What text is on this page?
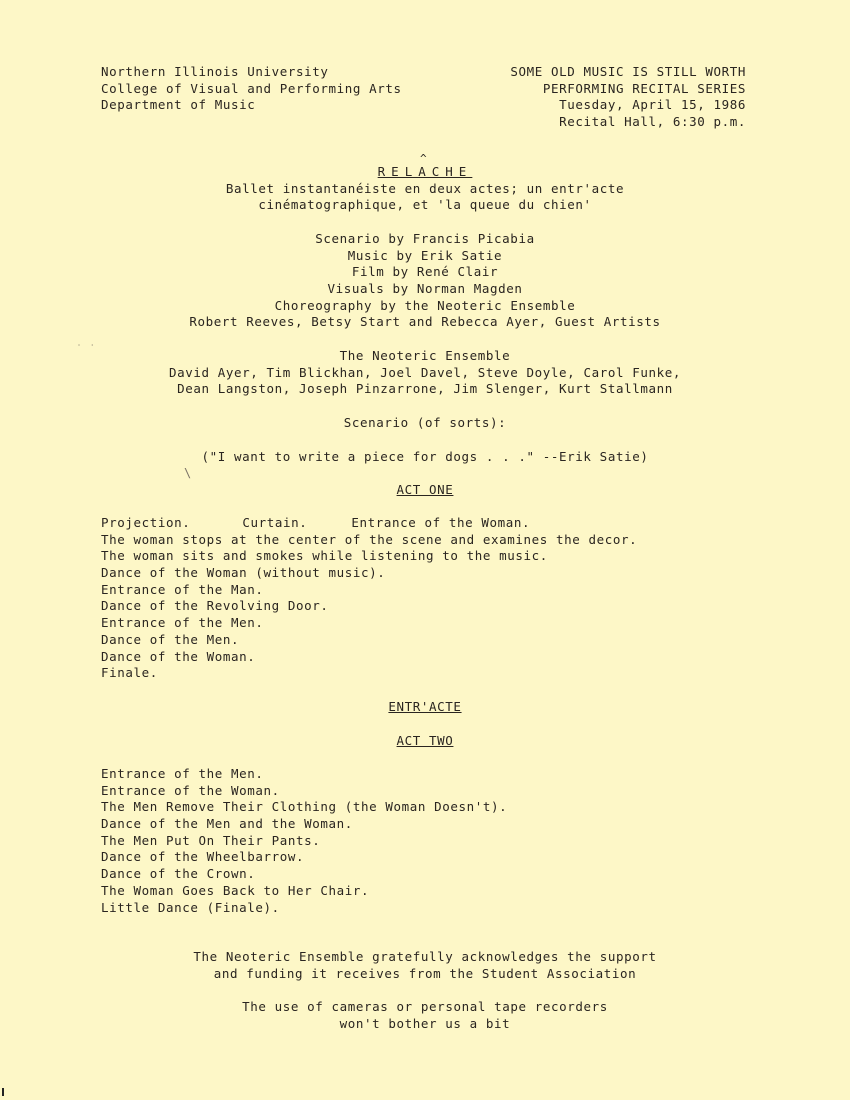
Northern Illinois University
College of Visual and Performing Arts
Department of Music
SOME OLD MUSIC IS STILL WORTH
PERFORMING RECITAL SERIES
Tuesday, April 15, 1986
Recital Hall, 6:30 p.m.
^
RELACHE
Ballet instantanéiste en deux actes; un entr'acte
cinématographique, et 'la queue du chien'
Scenario by Francis Picabia
Music by Erik Satie
Film by René Clair
Visuals by Norman Magden
Choreography by the Neoteric Ensemble
Robert Reeves, Betsy Start and Rebecca Ayer, Guest Artists
The Neoteric Ensemble
David Ayer, Tim Blickhan, Joel Davel, Steve Doyle, Carol Funke,
Dean Langston, Joseph Pinzarrone, Jim Slenger, Kurt Stallmann
Scenario (of sorts):
("I want to write a piece for dogs . . ." --Erik Satie)
ACT ONE
Projection.	Curtain.	Entrance of the Woman.
The woman stops at the center of the scene and examines the decor.
The woman sits and smokes while listening to the music.
Dance of the Woman (without music).
Entrance of the Man.
Dance of the Revolving Door.
Entrance of the Men.
Dance of the Men.
Dance of the Woman.
Finale.
ENTR'ACTE
ACT TWO
Entrance of the Men.
Entrance of the Woman.
The Men Remove Their Clothing (the Woman Doesn't).
Dance of the Men and the Woman.
The Men Put On Their Pants.
Dance of the Wheelbarrow.
Dance of the Crown.
The Woman Goes Back to Her Chair.
Little Dance (Finale).
The Neoteric Ensemble gratefully acknowledges the support
and funding it receives from the Student Association
The use of cameras or personal tape recorders
won't bother us a bit
˙ ˙
\
